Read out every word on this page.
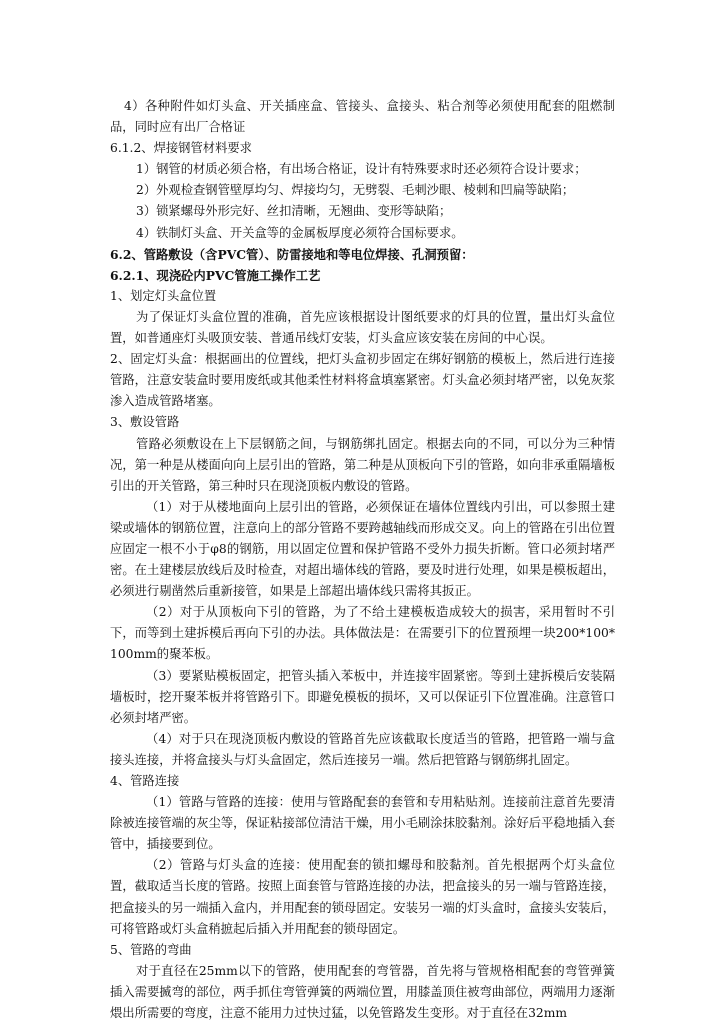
4）各种附件如灯头盒、开关插座盒、管接头、盒接头、粘合剂等必须使用配套的阻燃制品，同时应有出厂合格证

6.1.2、焊接钢管材料要求

1）钢管的材质必须合格，有出场合格证，设计有特殊要求时还必须符合设计要求；

2）外观检查钢管壁厚均匀、焊接均匀，无劈裂、毛刺沙眼、棱刺和凹扁等缺陷；

3）锁紧螺母外形完好、丝扣清晰，无翘曲、变形等缺陷；

4）铁制灯头盒、开关盒等的金属板厚度必须符合国标要求。

6.2、管路敷设（含PVC管）、防雷接地和等电位焊接、孔洞预留：

6.2.1、现浇砼内PVC管施工操作工艺

1、划定灯头盒位置

为了保证灯头盒位置的准确，首先应该根据设计图纸要求的灯具的位置，量出灯头盒位置，如普通座灯头吸顶安装、普通吊线灯安装，灯头盒应该安装在房间的中心误。

2、固定灯头盒：根据画出的位置线，把灯头盒初步固定在绑好钢筋的模板上，然后进行连接管路，注意安装盒时要用废纸或其他柔性材料将盒填塞紧密。灯头盒必须封堵严密，以免灰浆渗入造成管路堵塞。

3、敷设管路

管路必须敷设在上下层钢筋之间，与钢筋绑扎固定。根据去向的不同，可以分为三种情况，第一种是从楼面向向上层引出的管路，第二种是从顶板向下引的管路，如向非承重隔墙板引出的开关管路，第三种时只在现浇顶板内敷设的管路。

（1）对于从楼地面向上层引出的管路，必须保证在墙体位置线内引出，可以参照土建梁或墙体的钢筋位置，注意向上的部分管路不要跨越轴线而形成交叉。向上的管路在引出位置应固定一根不小于φ8的钢筋，用以固定位置和保护管路不受外力损失折断。管口必须封堵严密。在土建楼层放线后及时检查，对超出墙体线的管路，要及时进行处理，如果是模板超出，必须进行剔凿然后重新接管，如果是上部超出墙体线只需将其扳正。

（2）对于从顶板向下引的管路，为了不给土建模板造成较大的损害，采用暂时不引下，而等到土建拆模后再向下引的办法。具体做法是：在需要引下的位置预埋一块200*100*100mm的聚苯板。

（3）要紧贴模板固定，把管头插入苯板中，并连接牢固紧密。等到土建拆模后安装隔墙板时，挖开聚苯板并将管路引下。即避免模板的损坏，又可以保证引下位置准确。注意管口必须封堵严密。

（4）对于只在现浇顶板内敷设的管路首先应该截取长度适当的管路，把管路一端与盒接头连接，并将盒接头与灯头盒固定，然后连接另一端。然后把管路与钢筋绑扎固定。

4、管路连接

（1）管路与管路的连接：使用与管路配套的套管和专用粘贴剂。连接前注意首先要清除被连接管端的灰尘等，保证粘接部位清洁干燥，用小毛刷涂抹胶黏剂。涂好后平稳地插入套管中，插接要到位。

（2）管路与灯头盒的连接：使用配套的锁扣螺母和胶黏剂。首先根据两个灯头盒位置，截取适当长度的管路。按照上面套管与管路连接的办法，把盒接头的另一端与管路连接，把盒接头的另一端插入盒内，并用配套的锁母固定。安装另一端的灯头盒时，盒接头安装后，可将管路或灯头盒稍摭起后插入并用配套的锁母固定。

5、管路的弯曲

对于直径在25mm以下的管路，使用配套的弯管器，首先将与管规格相配套的弯管弹簧插入需要揻弯的部位，两手抓住弯管弹簧的两端位置，用膝盖顶住被弯曲部位，两端用力逐渐煨出所需要的弯度，注意不能用力过快过猛，以免管路发生变形。对于直径在32mm
